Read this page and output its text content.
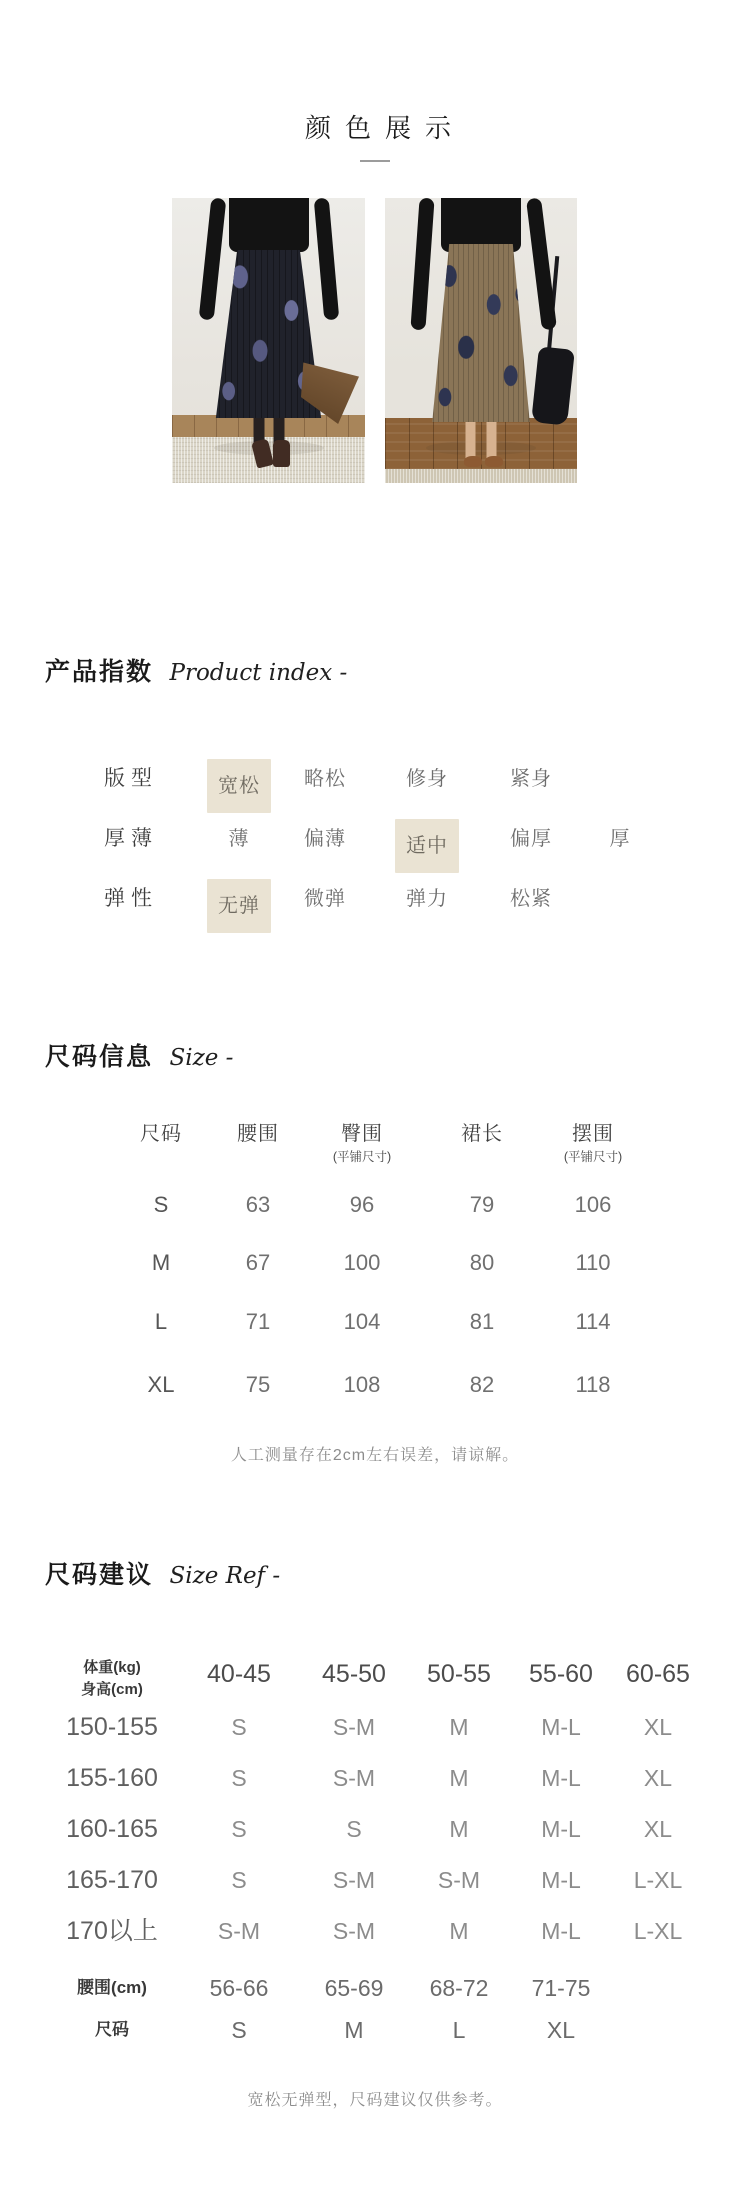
颜色展示
产品指数 Product index -
版型	宽松	略松	修身	紧身
厚薄	薄	偏薄	适中	偏厚	厚
弹性	无弹	微弹	弹力	松紧
尺码信息 Size -
尺码	腰围	臀围	裙长	摆围
(平铺尺寸)	(平铺尺寸)
S	63	96	79	106
M	67	100	80	110
L	71	104	81	114
XL	75	108	82	118
人工测量存在2cm左右误差，请谅解。
尺码建议 Size Ref -
体重(kg)
身高(cm)
40-45 45-50 50-55 55-60 60-65
150-155	S	S-M	M	M-L	XL
155-160	S	S-M	M	M-L	XL
160-165	S	S	M	M-L	XL
165-170	S	S-M	S-M	M-L L-XL
170以上	S-M	S-M	M	M-L L-XL
腰围(cm)	56-66 65-69 68-72 71-75
尺码	S	M	L	XL
宽松无弹型，尺码建议仅供参考。
